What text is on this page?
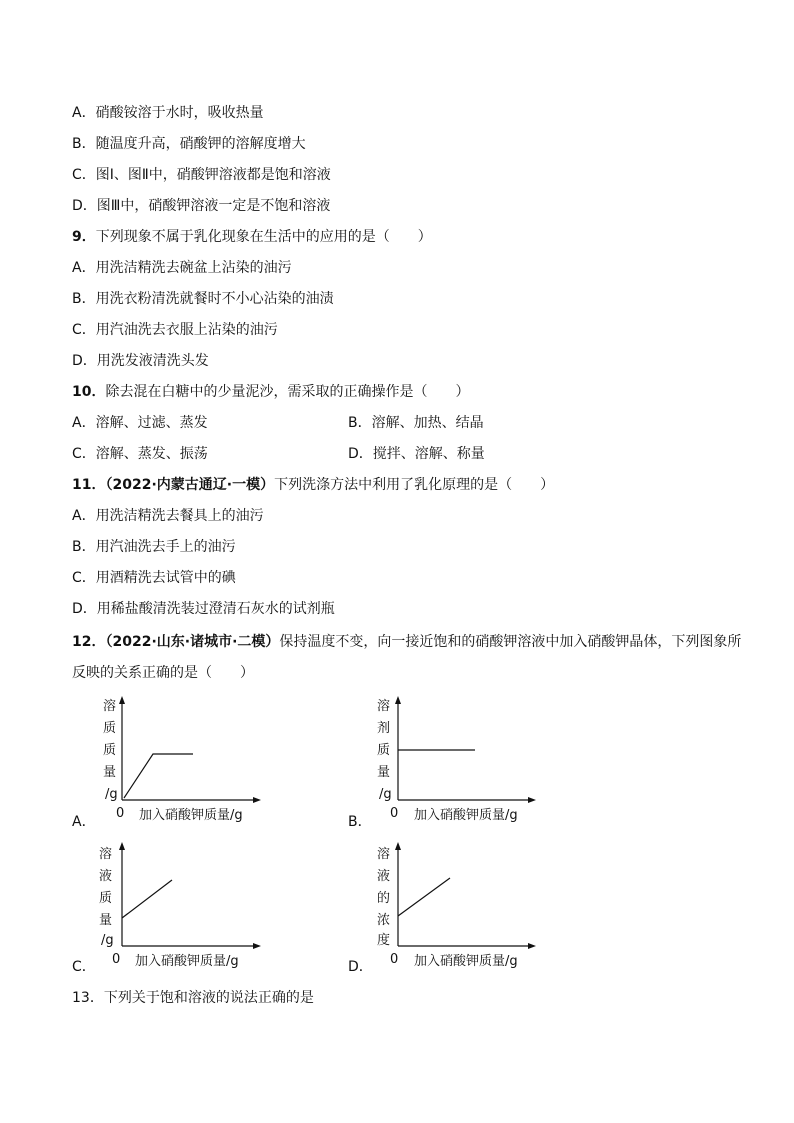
A．硝酸铵溶于水时，吸收热量
B．随温度升高，硝酸钾的溶解度增大
C．图Ⅰ、图Ⅱ中，硝酸钾溶液都是饱和溶液
D．图Ⅲ中，硝酸钾溶液一定是不饱和溶液
9．下列现象不属于乳化现象在生活中的应用的是（　　）
A．用洗洁精洗去碗盆上沾染的油污
B．用洗衣粉清洗就餐时不小心沾染的油渍
C．用汽油洗去衣服上沾染的油污
D．用洗发液清洗头发
10．除去混在白糖中的少量泥沙，需采取的正确操作是（　　）
A．溶解、过滤、蒸发	B．溶解、加热、结晶
C．溶解、蒸发、振荡	D．搅拌、溶解、称量
11．（2022·内蒙古通辽·一模）下列洗涤方法中利用了乳化原理的是（　　）
A．用洗洁精洗去餐具上的油污
B．用汽油洗去手上的油污
C．用酒精洗去试管中的碘
D．用稀盐酸清洗装过澄清石灰水的试剂瓶
12．（2022·山东·诸城市·二模）保持温度不变，向一接近饱和的硝酸钾溶液中加入硝酸钾晶体，下列图象所
反映的关系正确的是（　　）
A．
溶
质
质
量
/g
0 加入硝酸钾质量/g	B．
溶
剂
质
量
/g
0 加入硝酸钾质量/g
C．
溶
液
质
量
/g
0 加入硝酸钾质量/g	D．
溶
液
的
浓
度
0 加入硝酸钾质量/g
13．下列关于饱和溶液的说法正确的是
